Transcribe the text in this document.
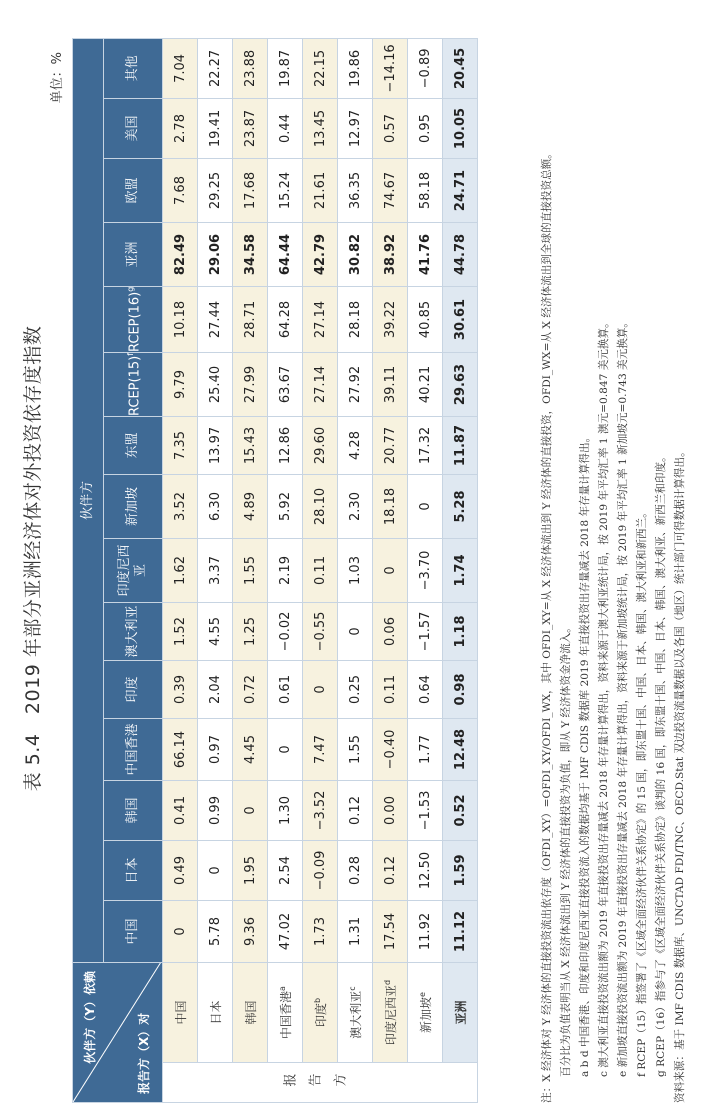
表 5.4　2019 年部分亚洲经济体对外投资依存度指数
单位：%
伙伴方（Y）依赖 报告方（X）对		伙伴方														
		中国	日本	韩国	中国香港	印度	澳大利亚	印度尼西亚	新加坡	东盟	$RCEP(15)^f$	$RCEP(16)^g$	亚洲	欧盟	美国	其他
报告方	中国	0	0.49	0.41	66.14	0.39	1.52	1.62	3.52	7.35	9.79	10.18	82.49	7.68	2.78	7.04
	日本	5.78	0	0.99	0.97	2.04	4.55	3.37	6.30	13.97	25.40	27.44	29.06	29.25	19.41	22.27
	韩国	9.36	1.95	0	4.45	0.72	1.25	1.55	4.89	15.43	27.99	28.71	34.58	17.68	23.87	23.88
	中国香港$^a$	47.02	2.54	1.30	0	0.61	−0.02	2.19	5.92	12.86	63.67	64.28	64.44	15.24	0.44	19.87
	印度$^b$	1.73	−0.09	−3.52	7.47	0	−0.55	0.11	28.10	29.60	27.14	27.14	42.79	21.61	13.45	22.15
	澳大利亚$^c$	1.31	0.28	0.12	1.55	0.25	0	1.03	2.30	4.28	27.92	28.18	30.82	36.35	12.97	19.86
	印度尼西亚$^d$	17.54	0.12	0.00	−0.40	0.11	0.06	0	18.18	20.77	39.11	39.22	38.92	74.67	0.57	−14.16
	新加坡$^e$	11.92	12.50	−1.53	1.77	0.64	−1.57	−3.70	0	17.32	40.21	40.85	41.76	58.18	0.95	−0.89
	亚洲	11.12	1.59	0.52	12.48	0.98	1.18	1.74	5.28	11.87	29.63	30.61	44.78	24.71	10.05	20.45
注：X 经济体对 Y 经济体的直接投资流出依存度（OFDI_XY）=OFDI_XY/OFDI_WX，其中 OFDI_XY=从 X 经济体流出到 Y 经济体的直接投资，OFDI_WX=从 X 经济体流出到全球的直接投资总额。 百分比为负值表明当从 X 经济体流出到 Y 经济体的直接投资为负值，即从 Y 经济体资金净流入。 a b d 中国香港、印度和印度尼西亚直接投资流入的数据均基于 IMF CDIS 数据库 2019 年直接投资出存量减去 2018 年存量计算得出。 c 澳大利亚直接投资流出额为 2019 年直接投资出存量减去 2018 年存量计算得出，资料来源于澳大利亚统计局，按 2019 年平均汇率 1 澳元=0.847 美元换算。 e 新加坡直接投资流出额为 2019 年直接投资出存量减去 2018 年存量计算得出，资料来源于新加坡统计局，按 2019 年平均汇率 1 新加坡元=0.743 美元换算。 f RCEP（15）指签署了《区域全面经济伙伴关系协定》的 15 国，即东盟十国、中国、日本、韩国、澳大利亚和新西兰。 g RCEP（16）指参与了《区域全面经济伙伴关系协定》谈判的 16 国，即东盟十国、中国、日本、韩国、澳大利亚、新西兰和印度。 资料来源：基于 IMF CDIS 数据库、UNCTAD FDI/TNC、OECD.Stat 双边投资流量数据以及各国（地区）统计部门可得数据计算得出。
